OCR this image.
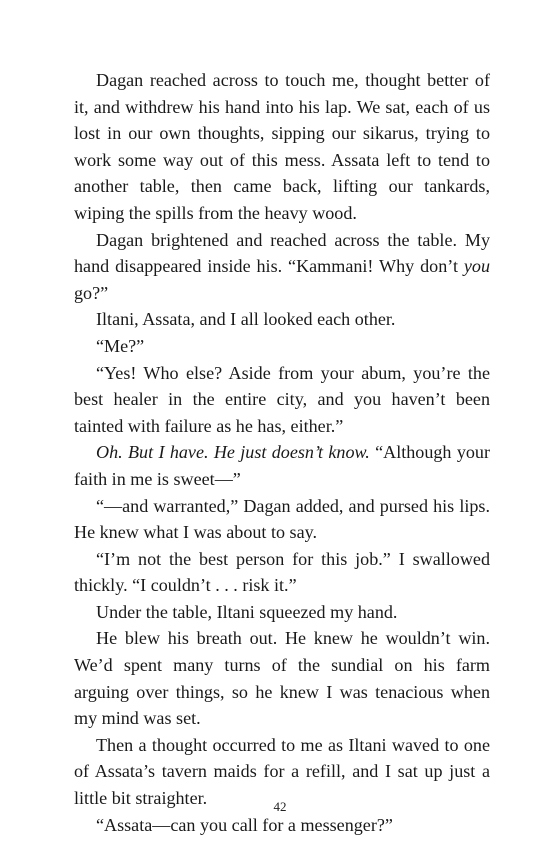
Dagan reached across to touch me, thought better of it, and withdrew his hand into his lap. We sat, each of us lost in our own thoughts, sipping our sikarus, trying to work some way out of this mess. Assata left to tend to another table, then came back, lifting our tankards, wiping the spills from the heavy wood.

Dagan brightened and reached across the table. My hand disappeared inside his. “Kammani! Why don’t you go?”

Iltani, Assata, and I all looked each other.

“Me?”

“Yes! Who else? Aside from your abum, you’re the best healer in the entire city, and you haven’t been tainted with failure as he has, either.”

Oh. But I have. He just doesn’t know. “Although your faith in me is sweet—”

“—and warranted,” Dagan added, and pursed his lips. He knew what I was about to say.

“I’m not the best person for this job.” I swallowed thickly. “I couldn’t . . . risk it.”

Under the table, Iltani squeezed my hand.

He blew his breath out. He knew he wouldn’t win. We’d spent many turns of the sundial on his farm arguing over things, so he knew I was tenacious when my mind was set.

Then a thought occurred to me as Iltani waved to one of Assata’s tavern maids for a refill, and I sat up just a little bit straighter.

“Assata—can you call for a messenger?”

42
